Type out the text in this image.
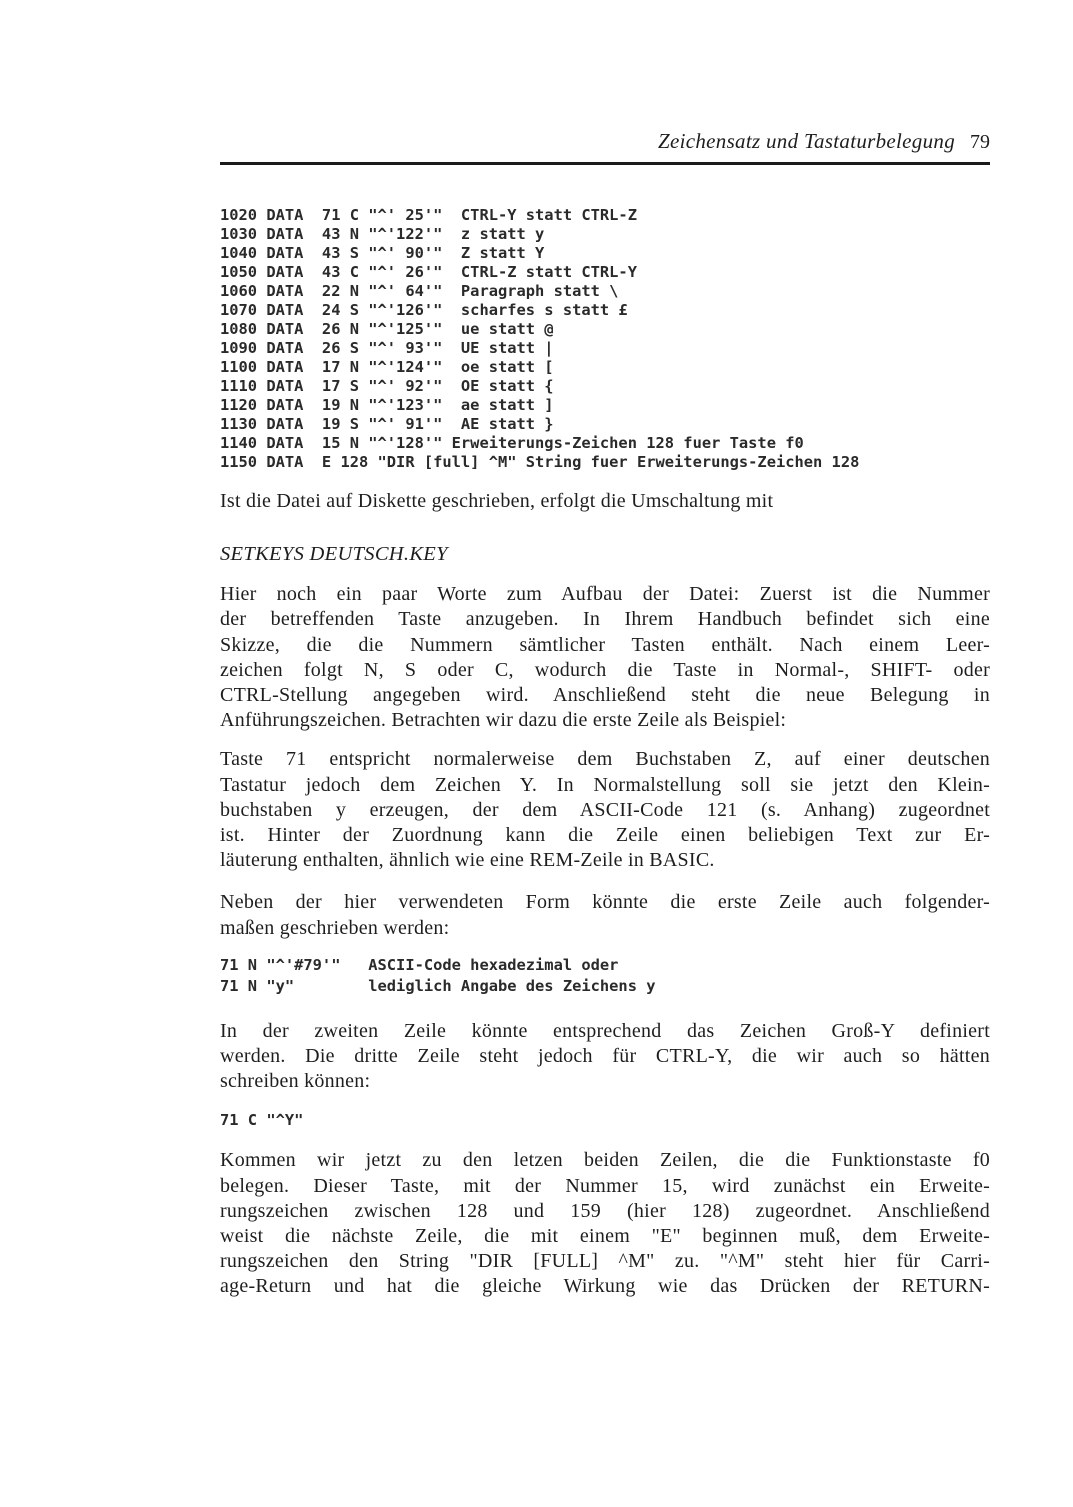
Zeichensatz und Tastaturbelegung 79
1020 DATA  71 C "^' 25'"  CTRL-Y statt CTRL-Z
1030 DATA  43 N "^'122'"  z statt y
1040 DATA  43 S "^' 90'"  Z statt Y
1050 DATA  43 C "^' 26'"  CTRL-Z statt CTRL-Y
1060 DATA  22 N "^' 64'"  Paragraph statt \
1070 DATA  24 S "^'126'"  scharfes s statt £
1080 DATA  26 N "^'125'"  ue statt @
1090 DATA  26 S "^' 93'"  UE statt |
1100 DATA  17 N "^'124'"  oe statt [
1110 DATA  17 S "^' 92'"  OE statt {
1120 DATA  19 N "^'123'"  ae statt ]
1130 DATA  19 S "^' 91'"  AE statt }
1140 DATA  15 N "^'128'" Erweiterungs-Zeichen 128 fuer Taste f0
1150 DATA  E 128 "DIR [full] ^M" String fuer Erweiterungs-Zeichen 128
Ist die Datei auf Diskette geschrieben, erfolgt die Umschaltung mit
SETKEYS DEUTSCH.KEY
Hier noch ein paar Worte zum Aufbau der Datei: Zuerst ist die Nummer
der betreffenden Taste anzugeben. In Ihrem Handbuch befindet sich eine
Skizze, die die Nummern sämtlicher Tasten enthält. Nach einem Leer-
zeichen folgt N, S oder C, wodurch die Taste in Normal-, SHIFT- oder
CTRL-Stellung angegeben wird. Anschließend steht die neue Belegung in
Anführungszeichen. Betrachten wir dazu die erste Zeile als Beispiel:
Taste 71 entspricht normalerweise dem Buchstaben Z, auf einer deutschen
Tastatur jedoch dem Zeichen Y. In Normalstellung soll sie jetzt den Klein-
buchstaben y erzeugen, der dem ASCII-Code 121 (s. Anhang) zugeordnet
ist. Hinter der Zuordnung kann die Zeile einen beliebigen Text zur Er-
läuterung enthalten, ähnlich wie eine REM-Zeile in BASIC.
Neben der hier verwendeten Form könnte die erste Zeile auch folgender-
maßen geschrieben werden:
71 N "^'#79'"   ASCII-Code hexadezimal oder
71 N "y"        lediglich Angabe des Zeichens y
In der zweiten Zeile könnte entsprechend das Zeichen Groß-Y definiert
werden. Die dritte Zeile steht jedoch für CTRL-Y, die wir auch so hätten
schreiben können:
71 C "^Y"
Kommen wir jetzt zu den letzen beiden Zeilen, die die Funktionstaste f0
belegen. Dieser Taste, mit der Nummer 15, wird zunächst ein Erweite-
rungszeichen zwischen 128 und 159 (hier 128) zugeordnet. Anschließend
weist die nächste Zeile, die mit einem "E" beginnen muß, dem Erweite-
rungszeichen den String "DIR [FULL] ^M" zu. "^M" steht hier für Carri-
age-Return und hat die gleiche Wirkung wie das Drücken der RETURN-
